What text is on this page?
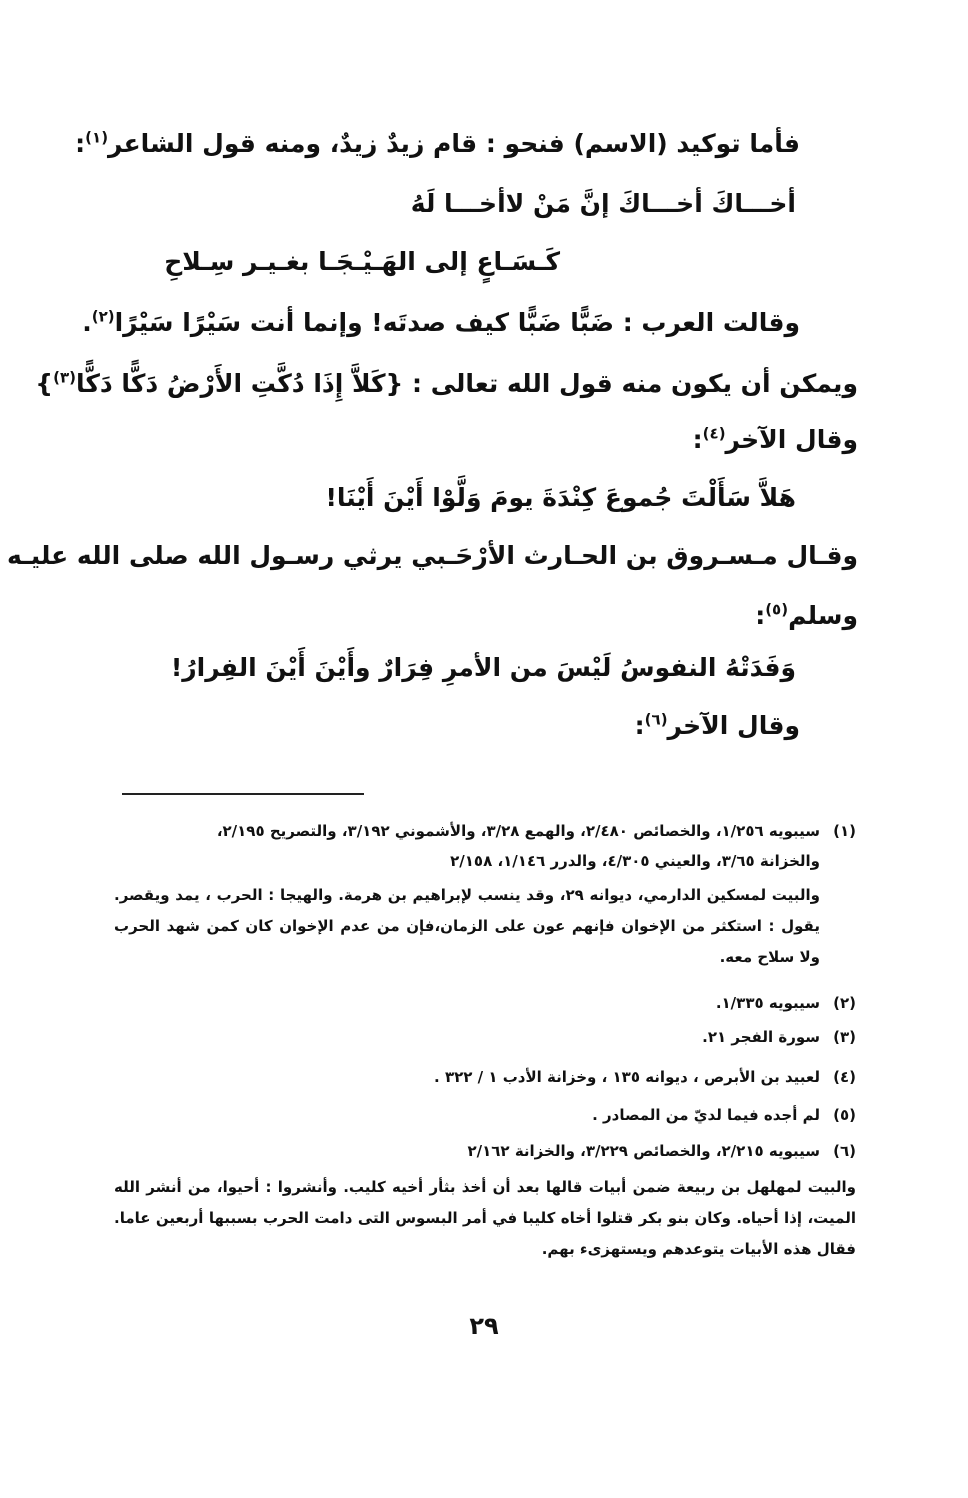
فأما توكيد (الاسم) فنحو : قام زيدٌ زيدٌ، ومنه قول الشاعر$^{(١)}$:

أخـــاكَ أخـــاكَ إنَّ مَنْ لاأخـــا لَهُ

كَـسَـاعٍ إلى الهَـيْـجَـا بغـيـر سِـلاحِ

وقالت العرب : ضَبًّا ضَبًّا كيف صدتَه! وإنما أنت سَيْرًا سَيْرًا$^{(٢)}$.

ويمكن أن يكون منه قول الله تعالى : {كَلاَّ إِذَا دُكَّتِ الأَرْضُ دَكًّا دَكًّا$^{(٣)}$}

وقال الآخر$^{(٤)}$:

هَلاَّ سَأَلْتَ جُموعَ كِنْدَةَ يومَ وَلَّوْا أَيْنَ أَيْنَا!

وقـال مـسـروق بن الحـارث الأرْحَـبي يرثي رسـول الله صلى الله عليـه

وسلم$^{(٥)}$:

وَفَدَتْهُ النفوسُ لَيْسَ من الأمرِ فِرَارٌ وأَيْنَ أَيْنَ الفِرارُ!

وقال الآخر$^{(٦)}$:

(١)
سيبويه ١/٢٥٦، والخصائص ٢/٤٨٠، والهمع ٣/٢٨، والأشموني ٣/١٩٢، والتصريح ٢/١٩٥،
والخزانة ٣/٦٥، والعيني ٤/٣٠٥، والدرر ١/١٤٦، ٢/١٥٨
والبيت لمسكين الدارمي، ديوانه ٢٩، وقد ينسب لإبراهيم بن هرمة. والهيجا : الحرب ، يمد ويقصر. يقول : استكثر من الإخوان فإنهم عون على الزمان،فإن من عدم الإخوان كان كمن شهد الحرب ولا سلاح معه.
(٢)
سيبويه ١/٣٣٥.
(٣)
سورة الفجر ٢١.
(٤)
لعبيد بن الأبرص ، ديوانه ١٣٥ ، وخزانة الأدب ١ / ٣٢٢ .
(٥)
لم أجده فيما لديّ من المصادر .
(٦)
سيبويه ٢/٢١٥، والخصائص ٣/٢٢٩، والخزانة ٢/١٦٢
والبيت لمهلهل بن ربيعة ضمن أبيات قالها بعد أن أخذ بثأر أخيه كليب. وأنشروا : أحيوا، من أنشر الله الميت، إذا أحياه. وكان بنو بكر قتلوا أخاه كليبا في أمر البسوس التى دامت الحرب بسببها أربعين عاما. فقال هذه الأبيات يتوعدهم ويستهزىء بهم.
٢٩
